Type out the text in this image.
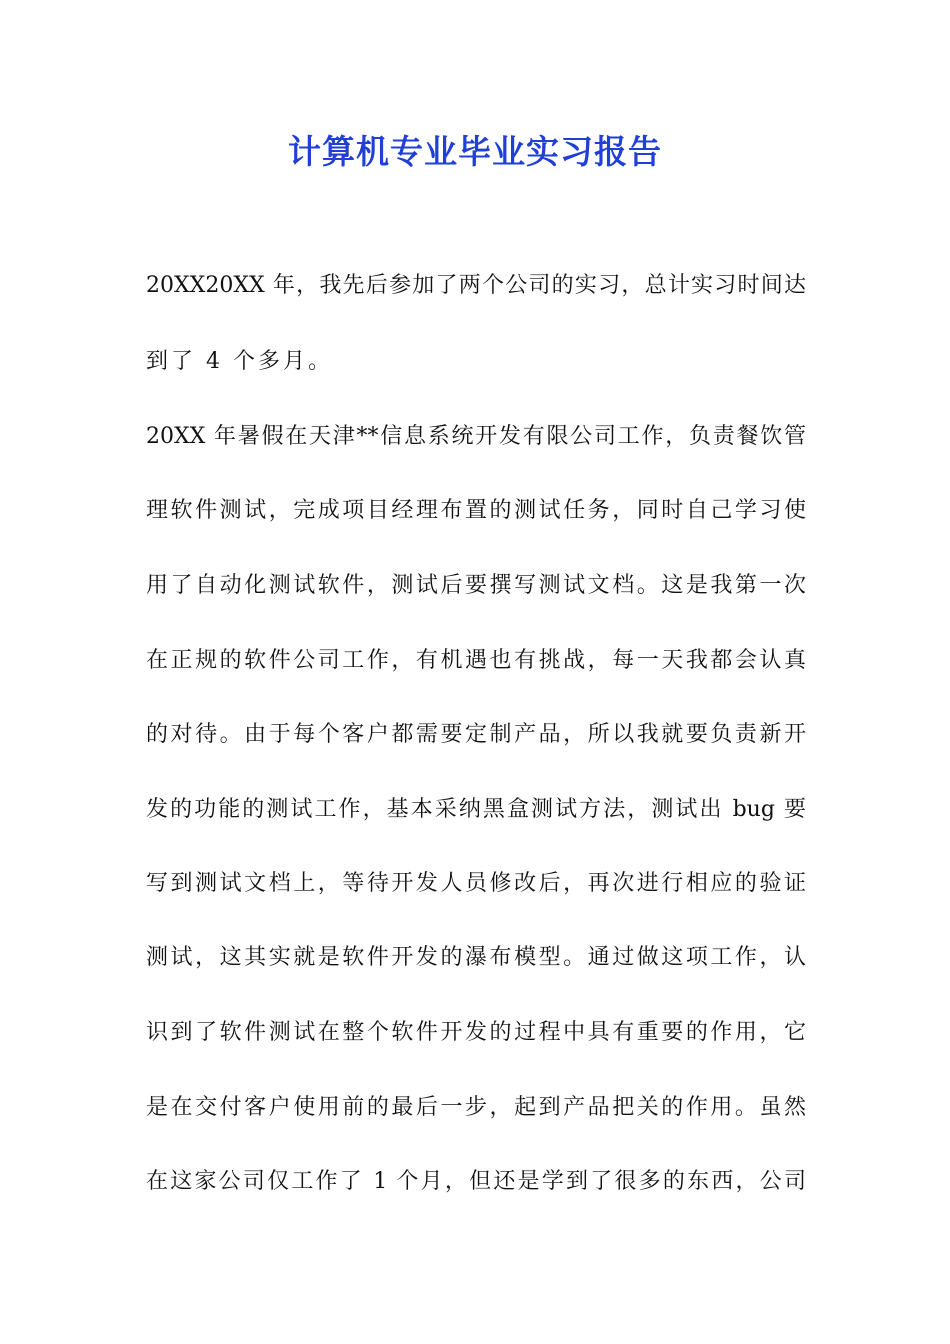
计算机专业毕业实习报告
20XX20XX 年，我先后参加了两个公司的实习，总计实习时间达
到了 4 个多月。
20XX 年暑假在天津**信息系统开发有限公司工作，负责餐饮管
理软件测试，完成项目经理布置的测试任务，同时自己学习使
用了自动化测试软件，测试后要撰写测试文档。这是我第一次
在正规的软件公司工作，有机遇也有挑战，每一天我都会认真
的对待。由于每个客户都需要定制产品，所以我就要负责新开
发的功能的测试工作，基本采纳黑盒测试方法，测试出 bug 要
写到测试文档上，等待开发人员修改后，再次进行相应的验证
测试，这其实就是软件开发的瀑布模型。通过做这项工作，认
识到了软件测试在整个软件开发的过程中具有重要的作用，它
是在交付客户使用前的最后一步，起到产品把关的作用。虽然
在这家公司仅工作了 1 个月，但还是学到了很多的东西，公司
